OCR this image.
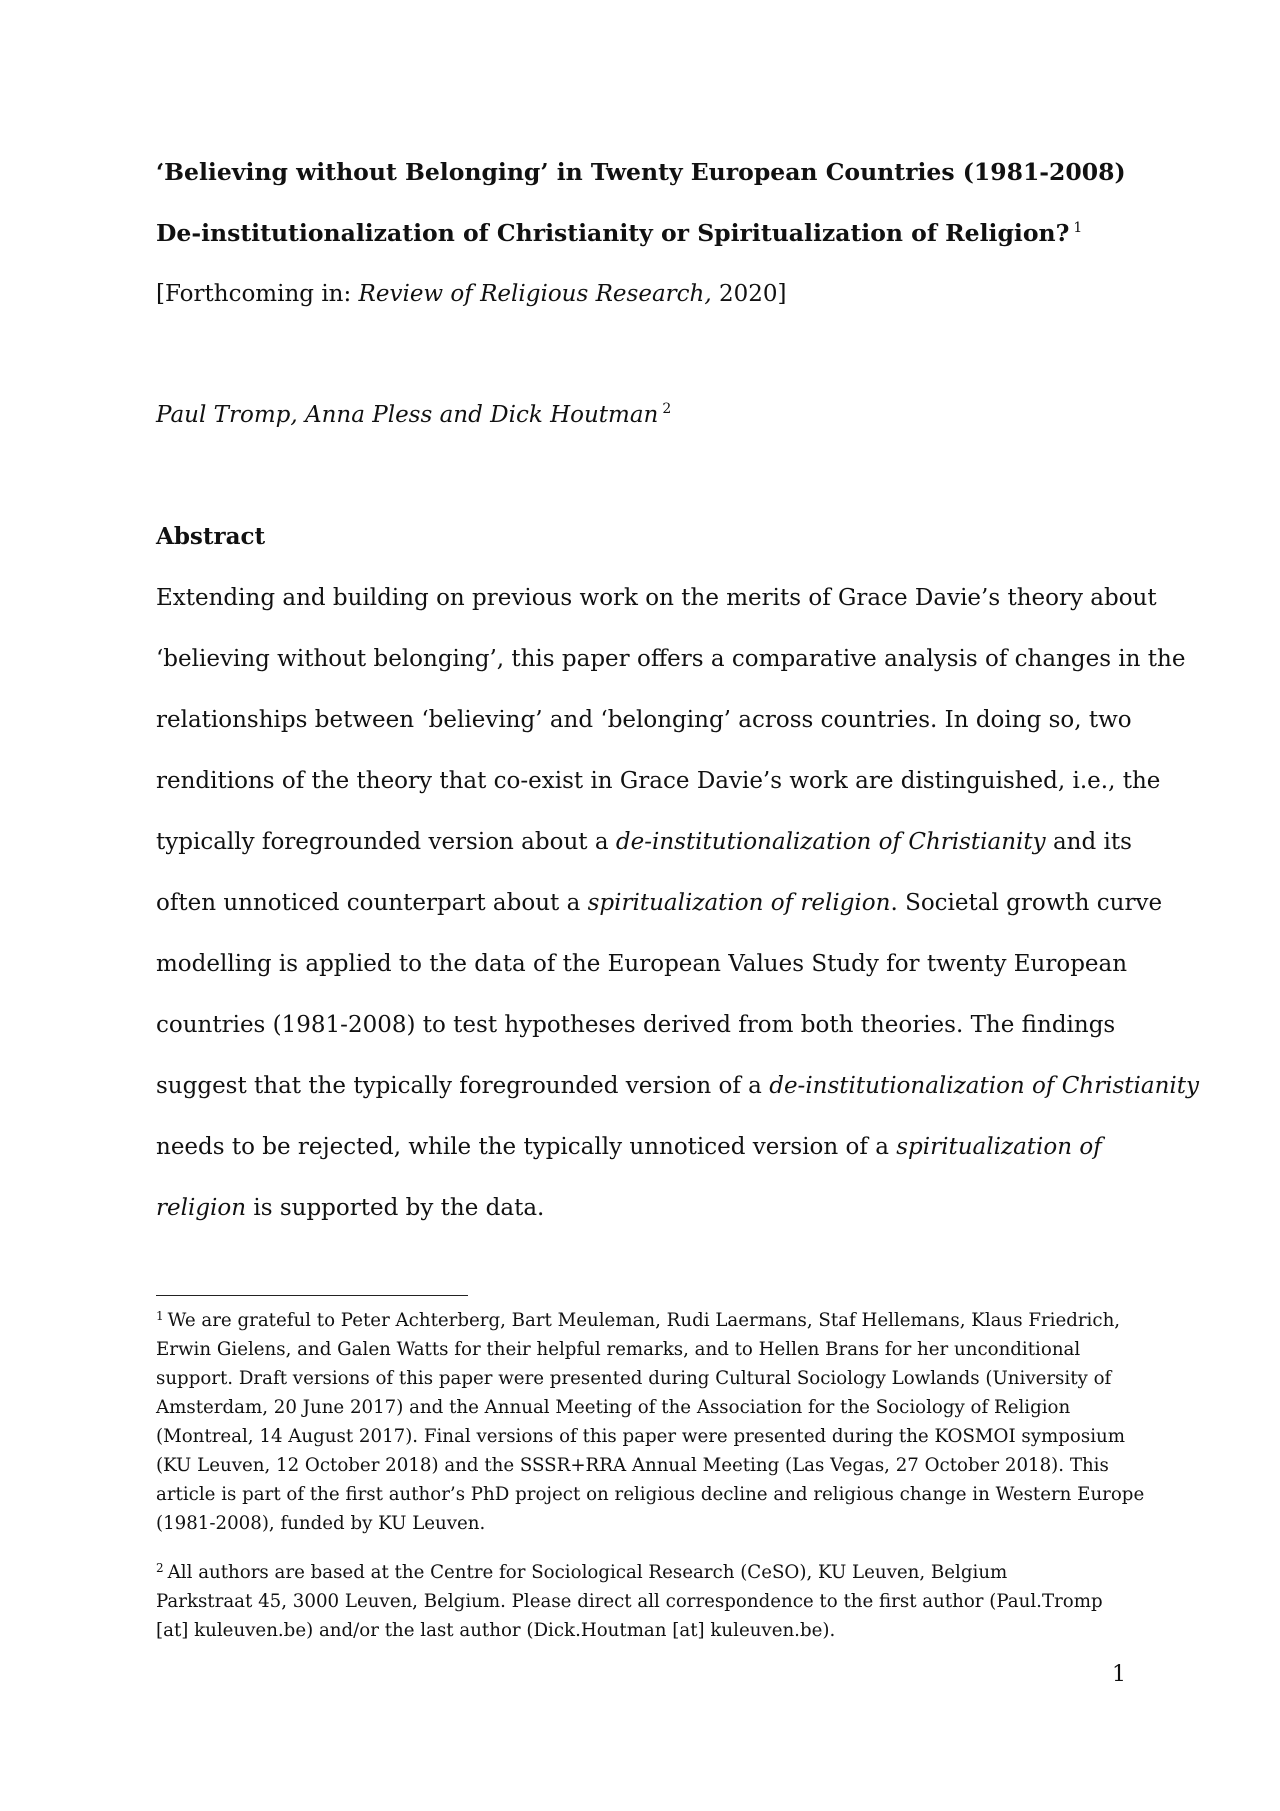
‘Believing without Belonging’ in Twenty European Countries (1981-2008)
De-institutionalization of Christianity or Spiritualization of Religion? $^1$
[Forthcoming in: Review of Religious Research, 2020]
Paul Tromp, Anna Pless and Dick Houtman $^2$
Abstract
Extending and building on previous work on the merits of Grace Davie’s theory about
‘believing without belonging’, this paper offers a comparative analysis of changes in the
relationships between ‘believing’ and ‘belonging’ across countries. In doing so, two
renditions of the theory that co-exist in Grace Davie’s work are distinguished, i.e., the
typically foregrounded version about a de-institutionalization of Christianity and its
often unnoticed counterpart about a spiritualization of religion. Societal growth curve
modelling is applied to the data of the European Values Study for twenty European
countries (1981-2008) to test hypotheses derived from both theories. The findings
suggest that the typically foregrounded version of a de-institutionalization of Christianity
needs to be rejected, while the typically unnoticed version of a spiritualization of
religion is supported by the data.
$^1$ We are grateful to Peter Achterberg, Bart Meuleman, Rudi Laermans, Staf Hellemans, Klaus Friedrich,
Erwin Gielens, and Galen Watts for their helpful remarks, and to Hellen Brans for her unconditional
support. Draft versions of this paper were presented during Cultural Sociology Lowlands (University of
Amsterdam, 20 June 2017) and the Annual Meeting of the Association for the Sociology of Religion
(Montreal, 14 August 2017). Final versions of this paper were presented during the KOSMOI symposium
(KU Leuven, 12 October 2018) and the SSSR+RRA Annual Meeting (Las Vegas, 27 October 2018). This
article is part of the first author’s PhD project on religious decline and religious change in Western Europe
(1981-2008), funded by KU Leuven.
$^2$ All authors are based at the Centre for Sociological Research (CeSO), KU Leuven, Belgium
Parkstraat 45, 3000 Leuven, Belgium. Please direct all correspondence to the first author (Paul.Tromp
[at] kuleuven.be) and/or the last author (Dick.Houtman [at] kuleuven.be).
1
